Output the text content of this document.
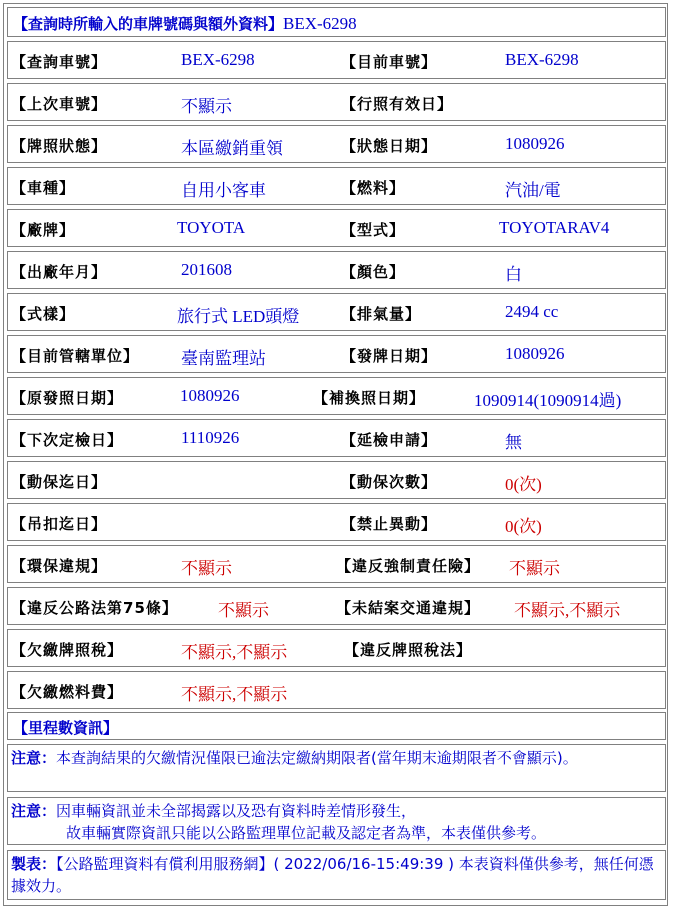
【查詢時所輸入的車牌號碼與額外資料】BEX-6298
【查詢車號】	BEX-6298	【目前車號】	BEX-6298
【上次車號】	不顯示	【行照有效日】
【牌照狀態】	本區繳銷重領	【狀態日期】	1080926
【車種】	自用小客車	【燃料】	汽油/電
【廠牌】	TOYOTA	【型式】	TOYOTARAV4
【出廠年月】	201608	【顏色】	白
【式樣】	旅行式 LED頭燈	【排氣量】	2494 cc
【目前管轄單位】 臺南監理站	【發牌日期】	1080926
【原發照日期】	1080926	【補換照日期】	1090914(1090914過)
【下次定檢日】	1110926	【延檢申請】	無
【動保迄日】	【動保次數】	0(次)
【吊扣迄日】	【禁止異動】	0(次)
【環保違規】	不顯示	【違反強制責任險】 不顯示
【違反公路法第75條】 不顯示	【未結案交通違規】 不顯示,不顯示
【欠繳牌照稅】	不顯示,不顯示	【違反牌照稅法】
【欠繳燃料費】	不顯示,不顯示
【里程數資訊】
注意：本查詢結果的欠繳情況僅限已逾法定繳納期限者(當年期末逾期限者不會顯示)。
注意：因車輛資訊並未全部揭露以及恐有資料時差情形發生，
故車輛實際資訊只能以公路監理單位記載及認定者為準，本表僅供參考。
製表：【公路監理資料有償利用服務網】( 2022/06/16-15:49:39 ) 本表資料僅供參考，無任何憑據效力。
